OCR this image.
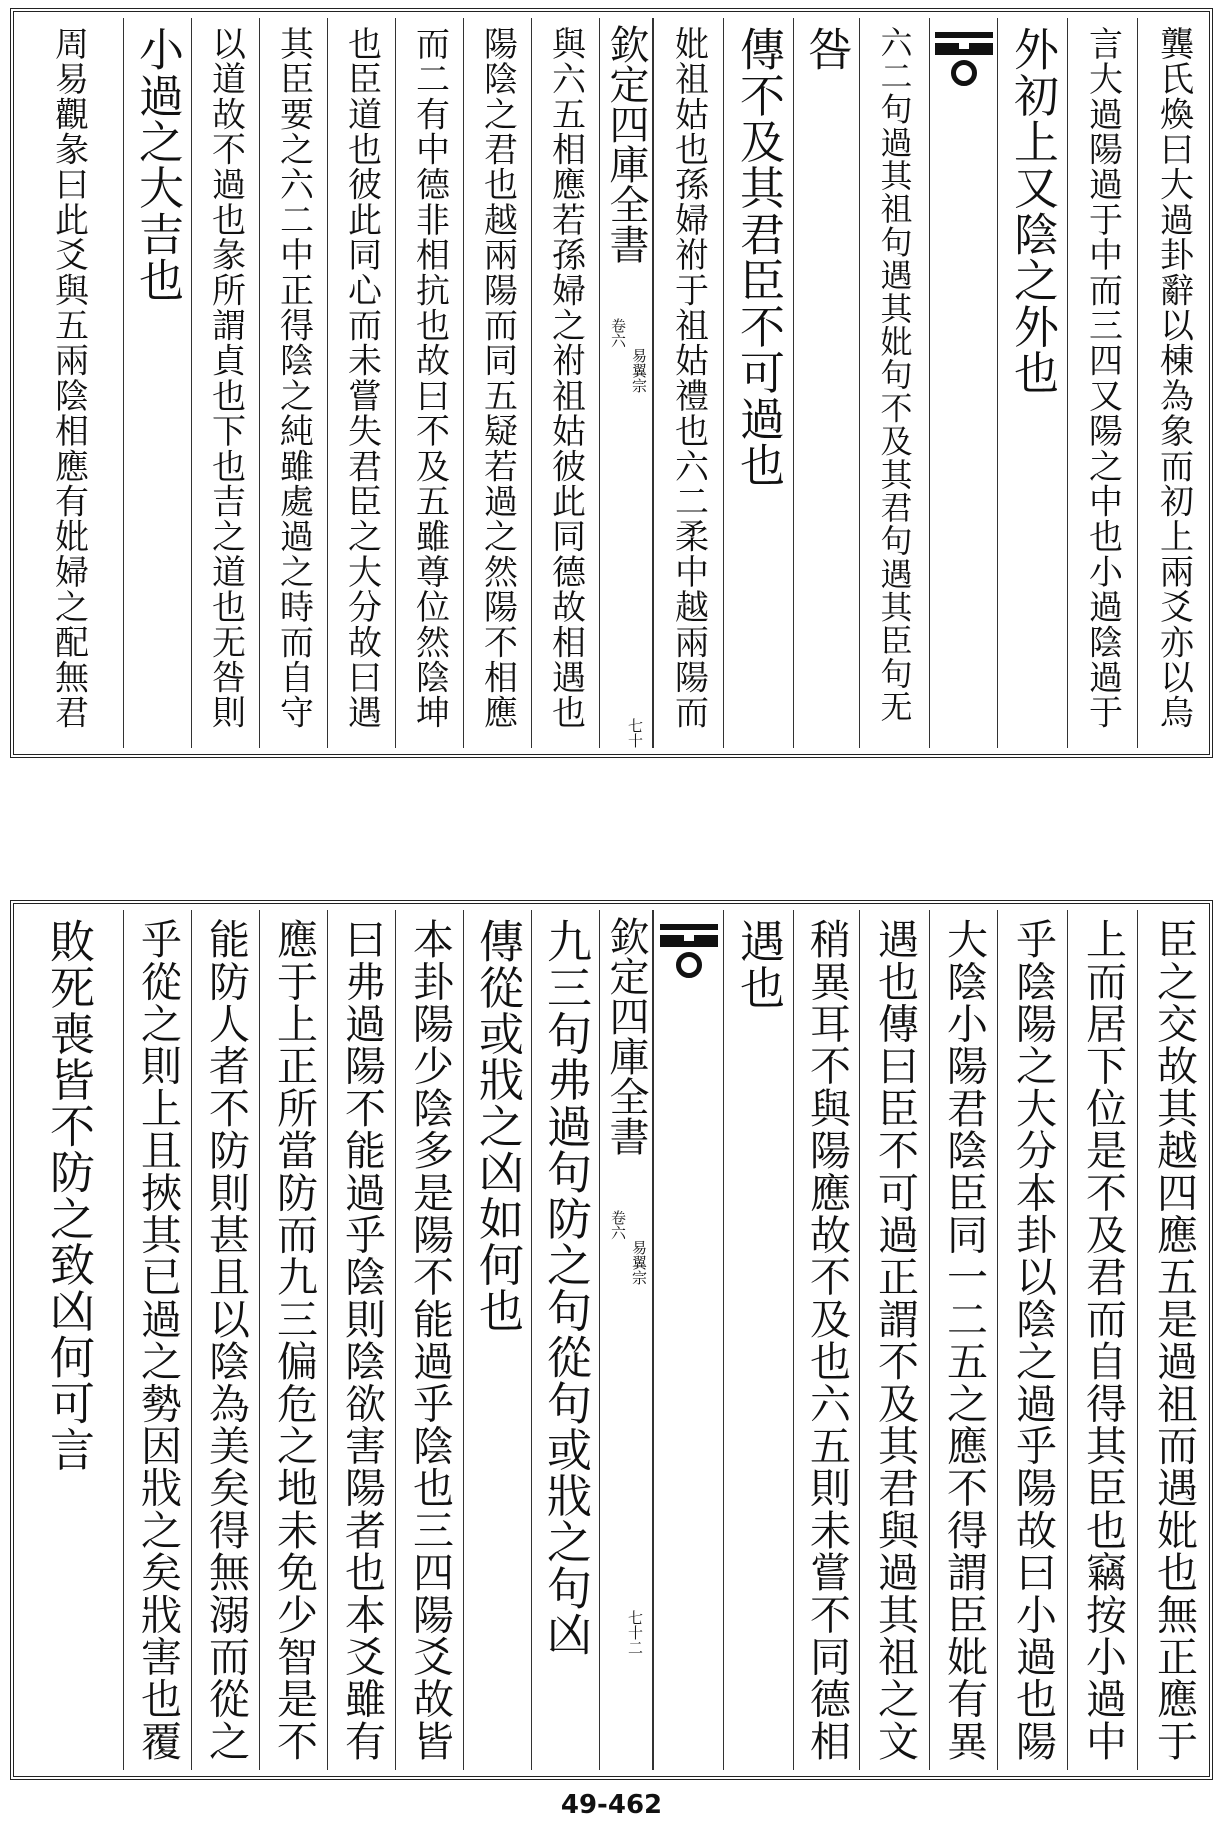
龔氏煥曰大過卦辭以棟為象而初上兩爻亦以烏
言大過陽過于中而三四又陽之中也小過陰過于
外初上又陰之外也
六二句過其祖句遇其妣句不及其君句遇其臣句无
咎
傳不及其君臣不可過也
妣祖姑也孫婦祔于祖姑禮也六二柔中越兩陽而
欽定四庫全書
易翼宗
卷六
七十
與六五相應若孫婦之祔祖姑彼此同德故相遇也
陽陰之君也越兩陽而同五疑若過之然陽不相應
而二有中德非相抗也故曰不及五雖尊位然陰坤
也臣道也彼此同心而未嘗失君臣之大分故曰遇
其臣要之六二中正得陰之純雖處過之時而自守
以道故不過也彖所謂貞也下也吉之道也无咎則
小過之大吉也
周易觀彖曰此爻與五兩陰相應有妣婦之配無君
臣之交故其越四應五是過祖而遇妣也無正應于
上而居下位是不及君而自得其臣也竊按小過中
乎陰陽之大分本卦以陰之過乎陽故曰小過也陽
大陰小陽君陰臣同一二五之應不得謂臣妣有異
遇也傳曰臣不可過正謂不及其君與過其祖之文
稍異耳不與陽應故不及也六五則未嘗不同德相
遇也
欽定四庫全書
易翼宗
卷六
七十二
九三句弗過句防之句從句或戕之句凶
傳從或戕之凶如何也
本卦陽少陰多是陽不能過乎陰也三四陽爻故皆
曰弗過陽不能過乎陰則陰欲害陽者也本爻雖有
應于上正所當防而九三偏危之地未免少智是不
能防人者不防則甚且以陰為美矣得無溺而從之
乎從之則上且挾其已過之勢因戕之矣戕害也覆
敗死喪皆不防之致凶何可言
49-462
